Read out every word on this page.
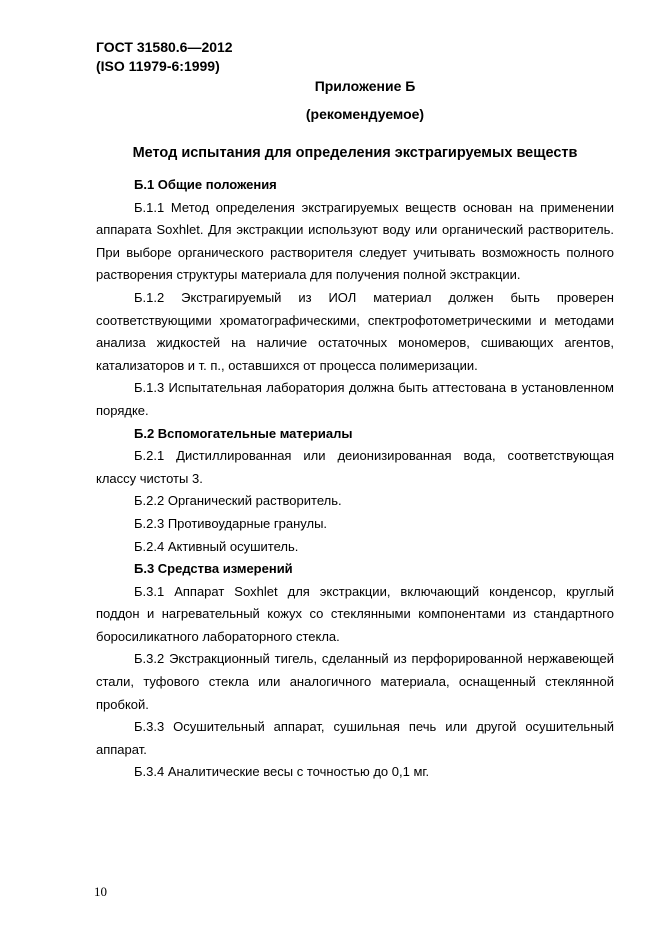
ГОСТ 31580.6—2012
(ISO 11979-6:1999)
Приложение Б
(рекомендуемое)
Метод испытания для определения экстрагируемых веществ

Б.1 Общие положения

Б.1.1 Метод определения экстрагируемых веществ основан на применении аппарата Soxhlet. Для экстракции используют воду или органический растворитель. При выборе органического растворителя следует учитывать возможность полного растворения структуры материала для получения полной экстракции.

Б.1.2 Экстрагируемый из ИОЛ материал должен быть проверен соответствующими хроматографическими, спектрофотометрическими и методами анализа жидкостей на наличие остаточных мономеров, сшивающих агентов, катализаторов и т. п., оставшихся от процесса полимеризации.

Б.1.3 Испытательная лаборатория должна быть аттестована в установленном порядке.

Б.2 Вспомогательные материалы

Б.2.1 Дистиллированная или деионизированная вода, соответствующая классу чистоты 3.

Б.2.2 Органический растворитель.

Б.2.3 Противоударные гранулы.

Б.2.4 Активный осушитель.

Б.3 Средства измерений

Б.3.1 Аппарат Soxhlet для экстракции, включающий конденсор, круглый поддон и нагревательный кожух со стеклянными компонентами из стандартного боросиликатного лабораторного стекла.

Б.3.2 Экстракционный тигель, сделанный из перфорированной нержавеющей стали, туфового стекла или аналогичного материала, оснащенный стеклянной пробкой.

Б.3.3 Осушительный аппарат, сушильная печь или другой осушительный аппарат.

Б.3.4 Аналитические весы с точностью до 0,1 мг.

10
